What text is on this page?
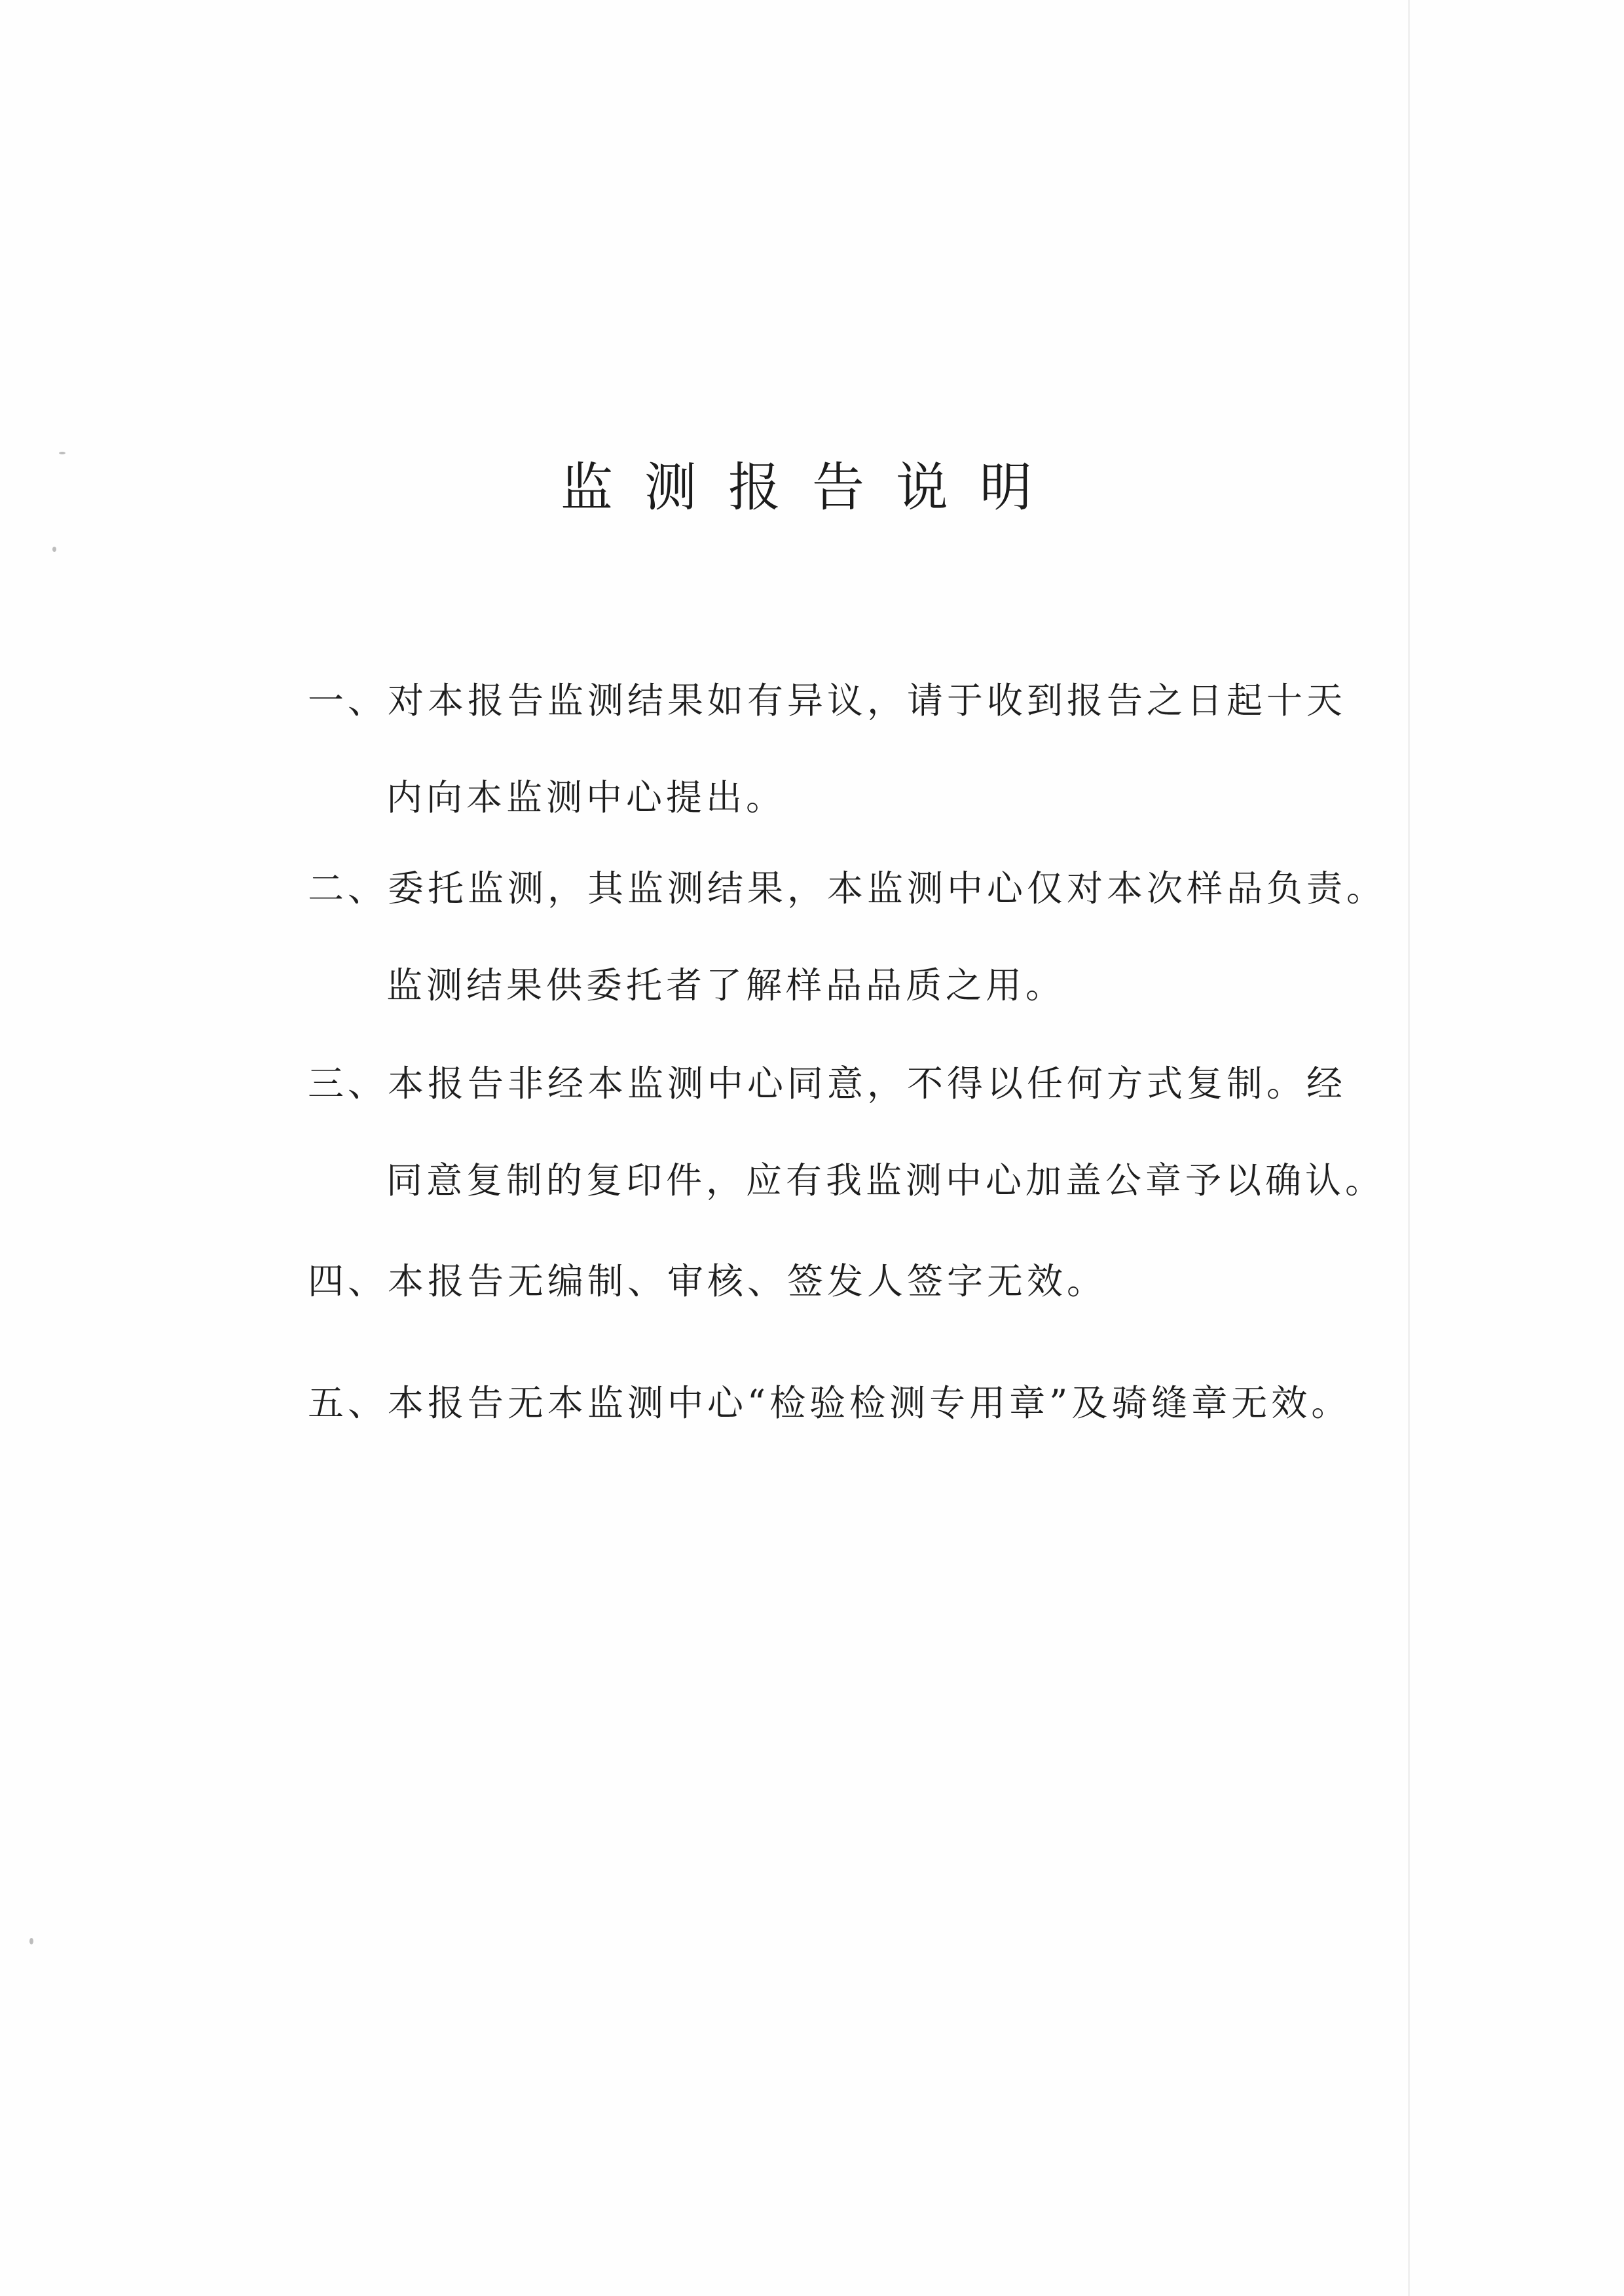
监测报告说明
一、对本报告监测结果如有异议，请于收到报告之日起十天
内向本监测中心提出。
二、委托监测，其监测结果，本监测中心仅对本次样品负责。
监测结果供委托者了解样品品质之用。
三、本报告非经本监测中心同意，不得以任何方式复制。经
同意复制的复印件，应有我监测中心加盖公章予以确认。
四、本报告无编制、审核、签发人签字无效。
五、本报告无本监测中心“检验检测专用章”及骑缝章无效。
